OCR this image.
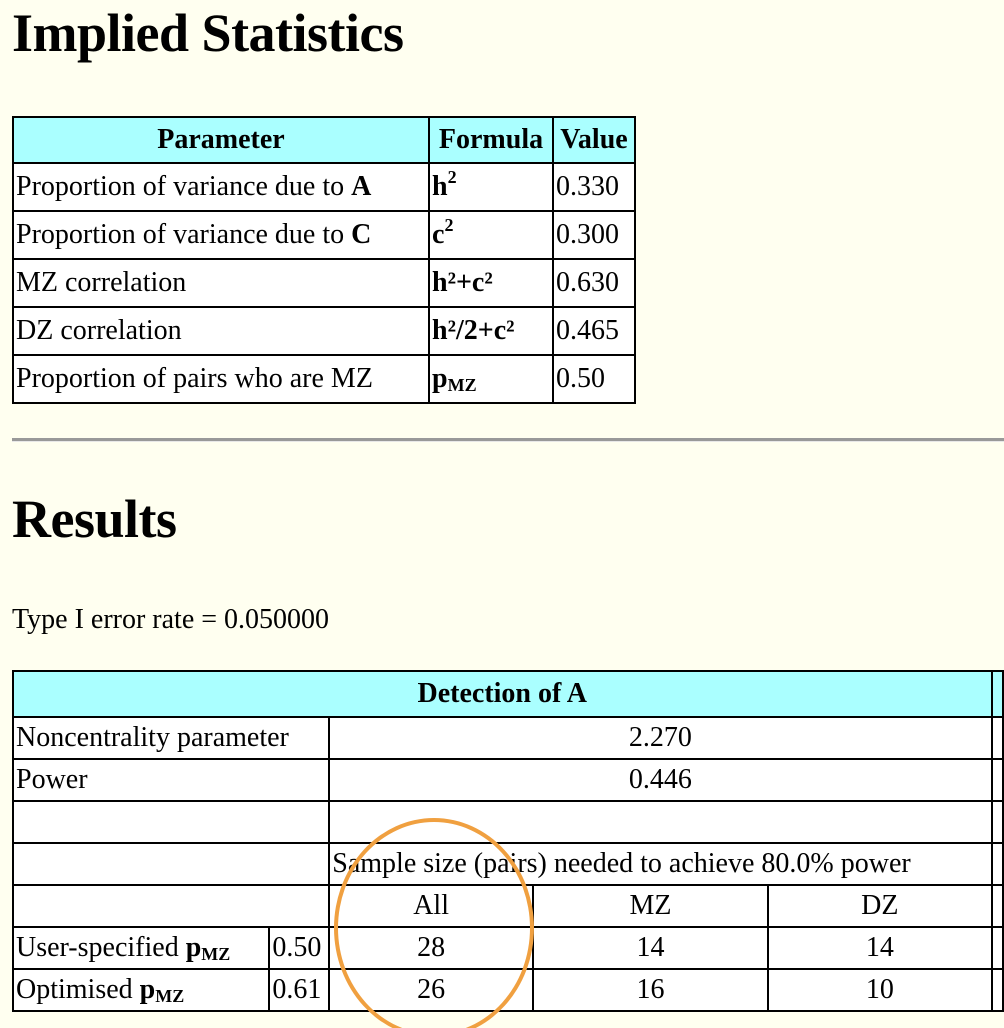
Implied Statistics
Parameter	Formula	Value
Proportion of variance due to A	$h^2$	0.330
Proportion of variance due to C	$c^2$	0.300
MZ correlation	h²+c²	0.630
DZ correlation	h²/2+c²	0.465
Proportion of pairs who are MZ	$p_{MZ}$	0.50
Results
Type I error rate = 0.050000
Detection of A					
Noncentrality parameter		2.270			
Power		0.446			

		Sample size (pairs) needed to achieve 80.0% power			
		All	MZ	DZ	
User-specified $p_{MZ}$	0.50	28	14	14	
Optimised $p_{MZ}$	0.61	26	16	10	
